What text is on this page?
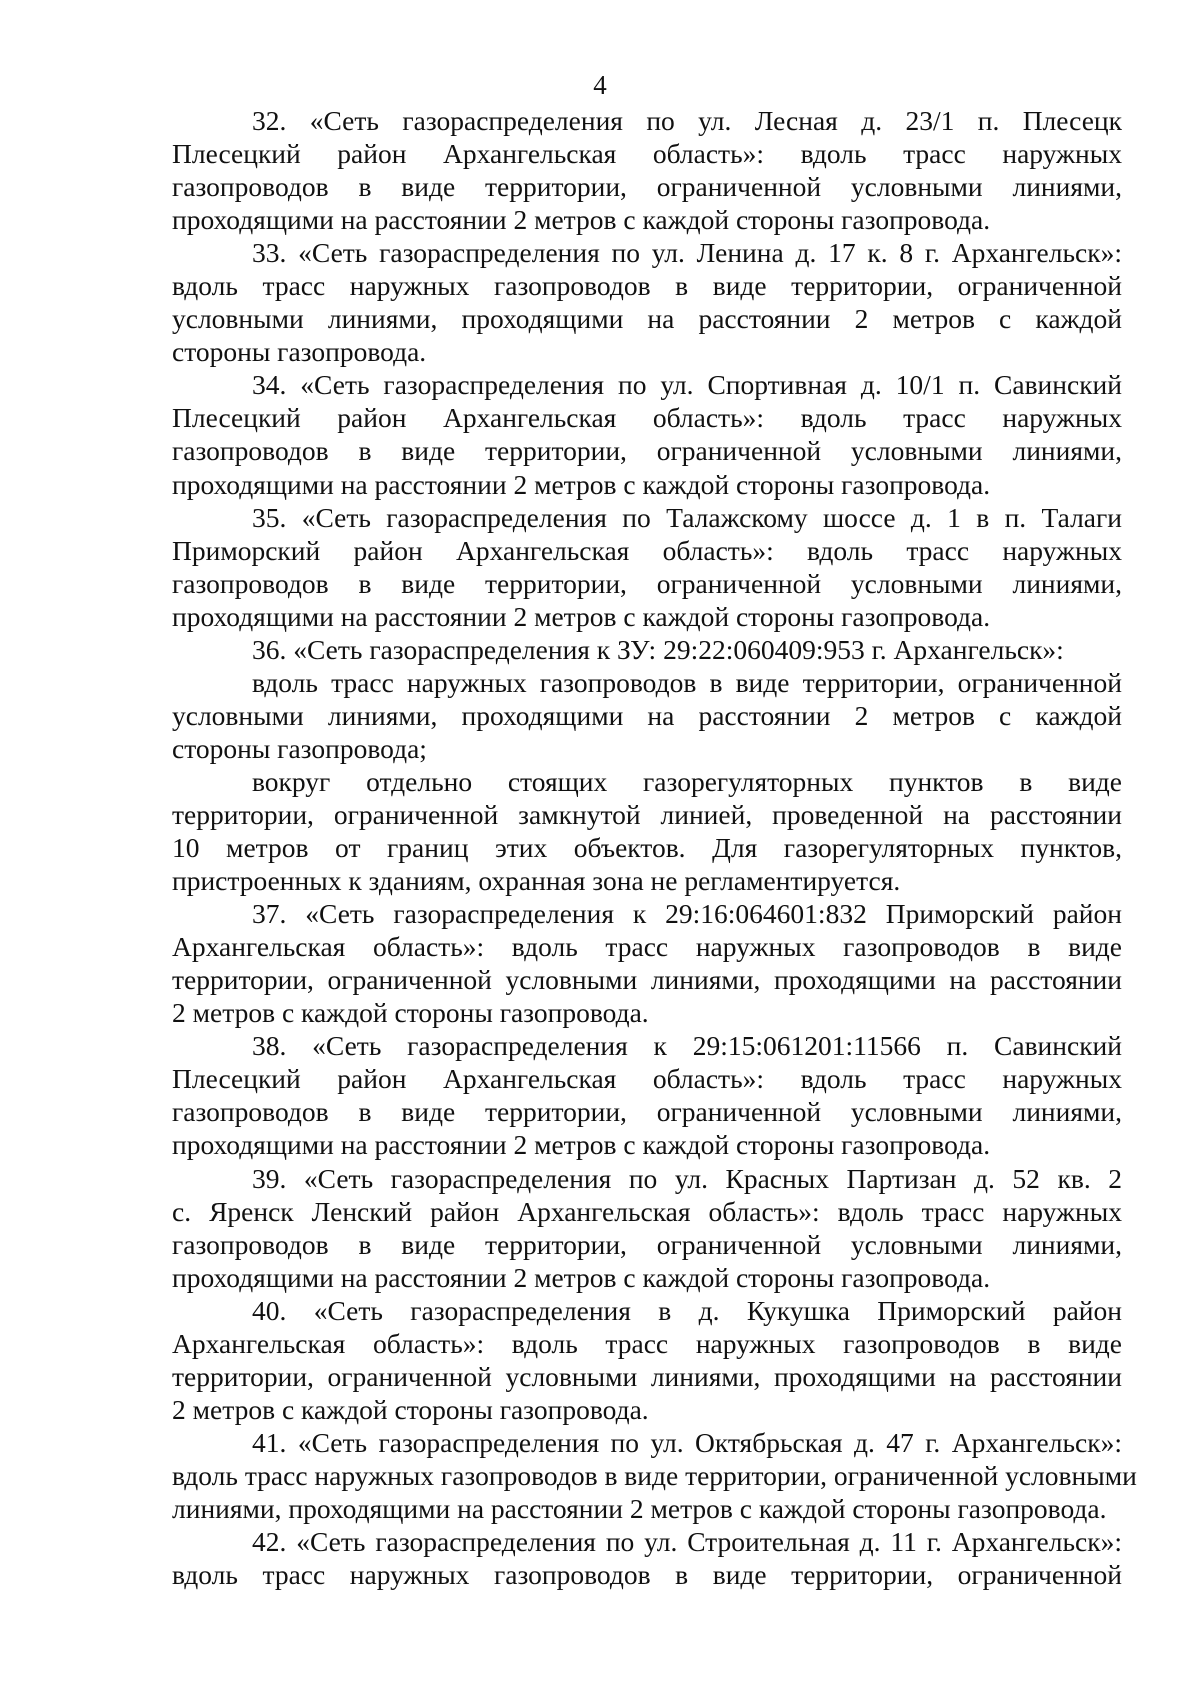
4
32. «Сеть газораспределения по ул. Лесная д. 23/1 п. Плесецк
Плесецкий район Архангельская область»: вдоль трасс наружных
газопроводов в виде территории, ограниченной условными линиями,
проходящими на расстоянии 2 метров с каждой стороны газопровода.
33. «Сеть газораспределения по ул. Ленина д. 17 к. 8 г. Архангельск»:
вдоль трасс наружных газопроводов в виде территории, ограниченной
условными линиями, проходящими на расстоянии 2 метров с каждой
стороны газопровода.
34. «Сеть газораспределения по ул. Спортивная д. 10/1 п. Савинский
Плесецкий район Архангельская область»: вдоль трасс наружных
газопроводов в виде территории, ограниченной условными линиями,
проходящими на расстоянии 2 метров с каждой стороны газопровода.
35. «Сеть газораспределения по Талажскому шоссе д. 1 в п. Талаги
Приморский район Архангельская область»: вдоль трасс наружных
газопроводов в виде территории, ограниченной условными линиями,
проходящими на расстоянии 2 метров с каждой стороны газопровода.
36. «Сеть газораспределения к ЗУ: 29:22:060409:953 г. Архангельск»:
вдоль трасс наружных газопроводов в виде территории, ограниченной
условными линиями, проходящими на расстоянии 2 метров с каждой
стороны газопровода;
вокруг отдельно стоящих газорегуляторных пунктов в виде
территории, ограниченной замкнутой линией, проведенной на расстоянии
10 метров от границ этих объектов. Для газорегуляторных пунктов,
пристроенных к зданиям, охранная зона не регламентируется.
37. «Сеть газораспределения к 29:16:064601:832 Приморский район
Архангельская область»: вдоль трасс наружных газопроводов в виде
территории, ограниченной условными линиями, проходящими на расстоянии
2 метров с каждой стороны газопровода.
38. «Сеть газораспределения к 29:15:061201:11566 п. Савинский
Плесецкий район Архангельская область»: вдоль трасс наружных
газопроводов в виде территории, ограниченной условными линиями,
проходящими на расстоянии 2 метров с каждой стороны газопровода.
39. «Сеть газораспределения по ул. Красных Партизан д. 52 кв. 2
с. Яренск Ленский район Архангельская область»: вдоль трасс наружных
газопроводов в виде территории, ограниченной условными линиями,
проходящими на расстоянии 2 метров с каждой стороны газопровода.
40. «Сеть газораспределения в д. Кукушка Приморский район
Архангельская область»: вдоль трасс наружных газопроводов в виде
территории, ограниченной условными линиями, проходящими на расстоянии
2 метров с каждой стороны газопровода.
41. «Сеть газораспределения по ул. Октябрьская д. 47 г. Архангельск»:
вдоль трасс наружных газопроводов в виде территории, ограниченной условными
линиями, проходящими на расстоянии 2 метров с каждой стороны газопровода.
42. «Сеть газораспределения по ул. Строительная д. 11 г. Архангельск»:
вдоль трасс наружных газопроводов в виде территории, ограниченной
